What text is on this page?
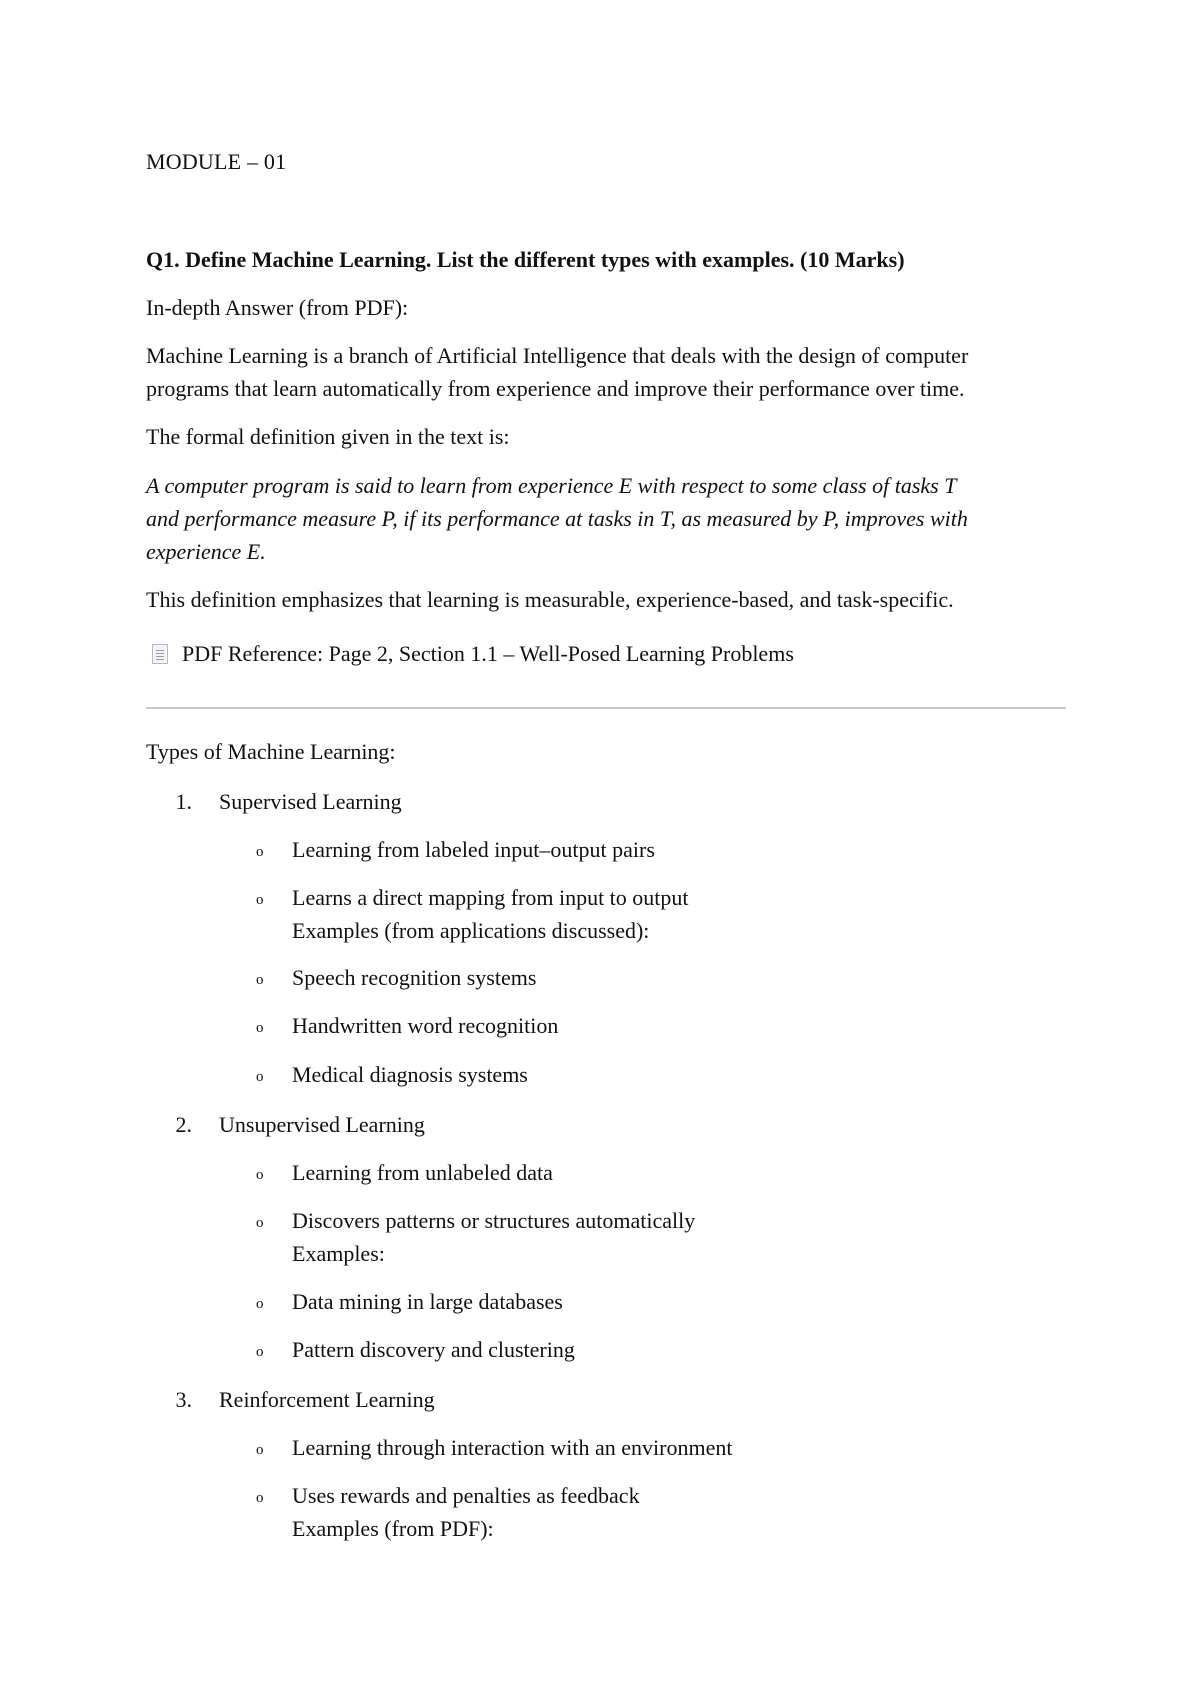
MODULE – 01
Q1. Define Machine Learning. List the different types with examples. (10 Marks)
In-depth Answer (from PDF):
Machine Learning is a branch of Artificial Intelligence that deals with the design of computer
programs that learn automatically from experience and improve their performance over time.
The formal definition given in the text is:
A computer program is said to learn from experience E with respect to some class of tasks T
and performance measure P, if its performance at tasks in T, as measured by P, improves with
experience E.
This definition emphasizes that learning is measurable, experience-based, and task-specific.
PDF Reference: Page 2, Section 1.1 – Well-Posed Learning Problems
Types of Machine Learning:
1. Supervised Learning
o Learning from labeled input–output pairs
o Learns a direct mapping from input to output
Examples (from applications discussed):
o Speech recognition systems
o Handwritten word recognition
o Medical diagnosis systems
2. Unsupervised Learning
o Learning from unlabeled data
o Discovers patterns or structures automatically
Examples:
o Data mining in large databases
o Pattern discovery and clustering
3. Reinforcement Learning
o Learning through interaction with an environment
o Uses rewards and penalties as feedback
Examples (from PDF):
